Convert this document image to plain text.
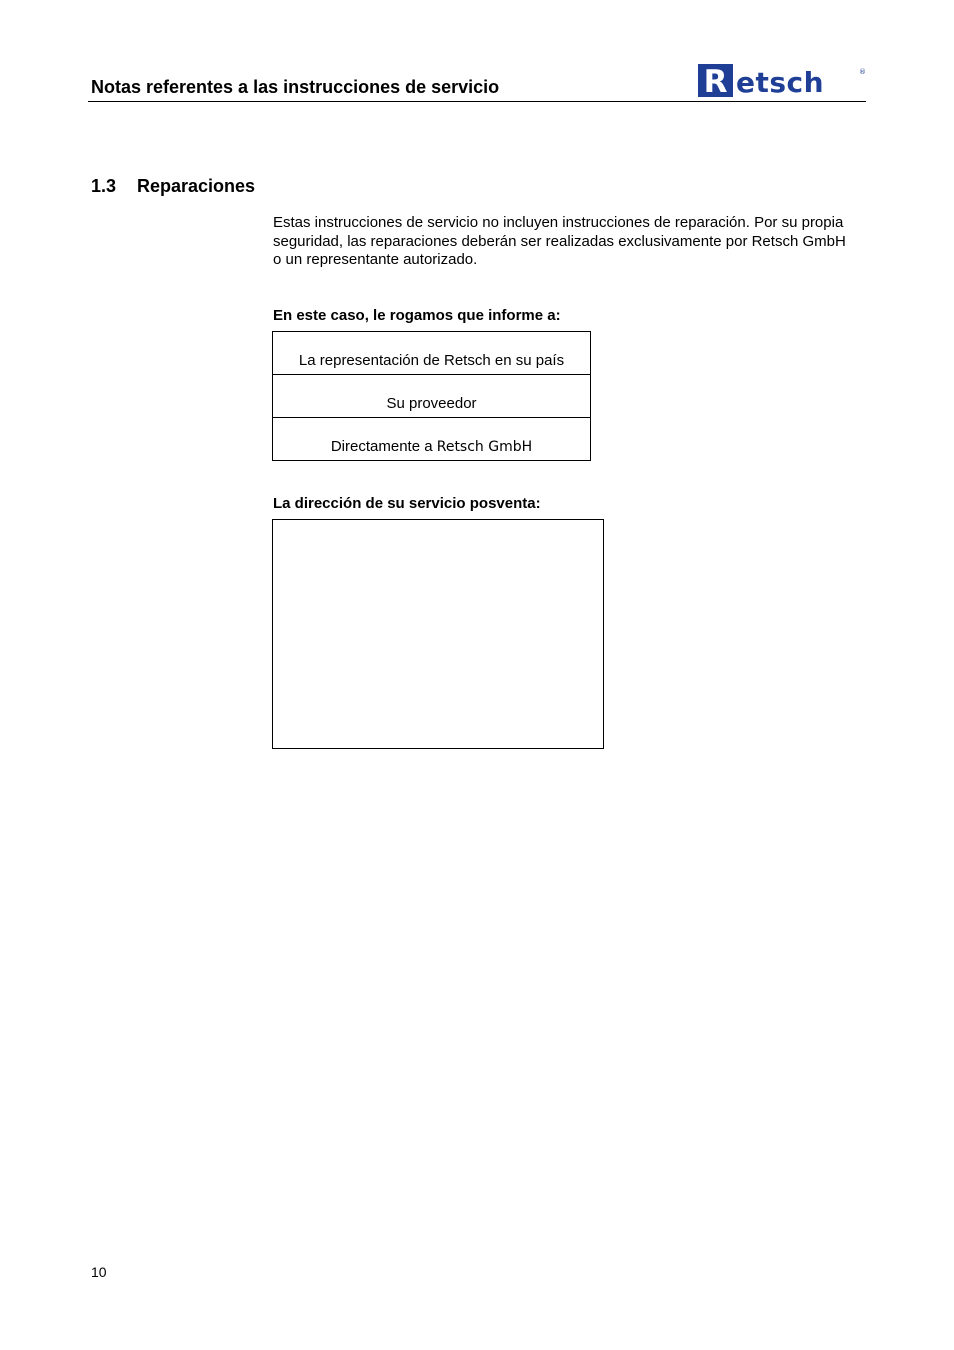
Notas referentes a las instrucciones de servicio	R etsch	®
1.3 Reparaciones

Estas instrucciones de servicio no incluyen instrucciones de reparación. Por su propia seguridad, las reparaciones deberán ser realizadas exclusivamente por Retsch GmbH o un representante autorizado.

En este caso, le rogamos que informe a:
La representación de Retsch en su país
Su proveedor
Directamente a Retsch GmbH
La dirección de su servicio posventa:
10
